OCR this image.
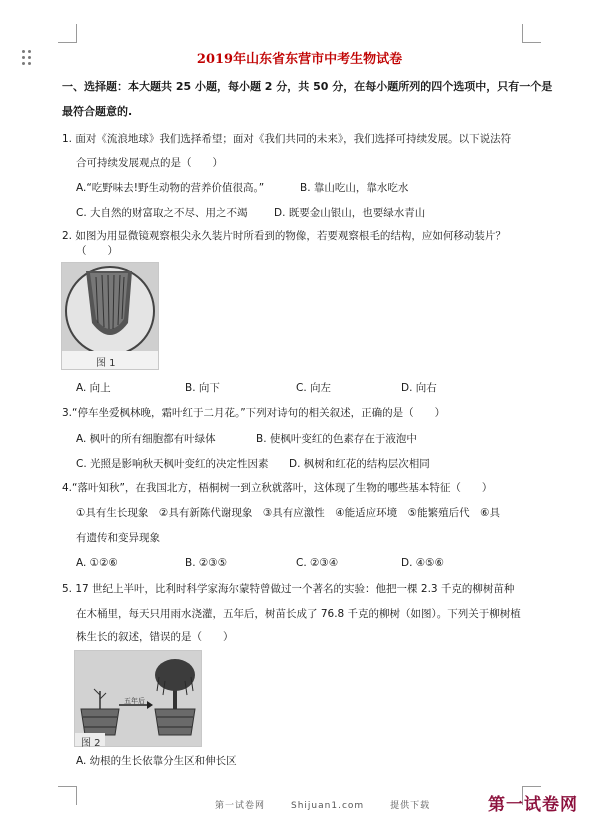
2019年山东省东营市中考生物试卷
一、选择题：本大题共 25 小题，每小题 2 分，共 50 分，在每小题所列的四个选项中，只有一个是
最符合题意的.
1. 面对《流浪地球》我们选择希望；面对《我们共同的未来》，我们选择可持续发展。以下说法符
合可持续发展观点的是（　　）
A.“吃野味去!野生动物的营养价值很高。”	B. 靠山吃山，靠水吃水
C. 大自然的财富取之不尽、用之不竭	D. 既要金山银山，也要绿水青山
2. 如图为用显微镜观察根尖永久装片时所看到的物像，若要观察根毛的结构，应如何移动装片？
（　　）
图 1
A. 向上	B. 向下	C. 向左	D. 向右
3.“停车坐爱枫林晚，霜叶红于二月花。”下列对诗句的相关叙述，正确的是（　　）
A. 枫叶的所有细胞都有叶绿体	B. 使枫叶变红的色素存在于液泡中
C. 光照是影响秋天枫叶变红的决定性因素 D. 枫树和红花的结构层次相同
4.“落叶知秋”，在我国北方，梧桐树一到立秋就落叶，这体现了生物的哪些基本特征（　　）
①具有生长现象　②具有新陈代谢现象　③具有应激性　④能适应环境　⑤能繁殖后代　⑥具
有遗传和变异现象
A. ①②⑥	B. ②③⑤	C. ②③④	D. ④⑤⑥
5. 17 世纪上半叶，比利时科学家海尔蒙特曾做过一个著名的实验：他把一棵 2.3 千克的柳树苗种
在木桶里，每天只用雨水浇灌，五年后，树苗长成了 76.8 千克的柳树（如图）。下列关于柳树植
株生长的叙述，错误的是（　　）
五年后
图 2
A. 幼根的生长依靠分生区和伸长区
第一试卷网	Shijuan1.com	提供下载	第一试卷网
